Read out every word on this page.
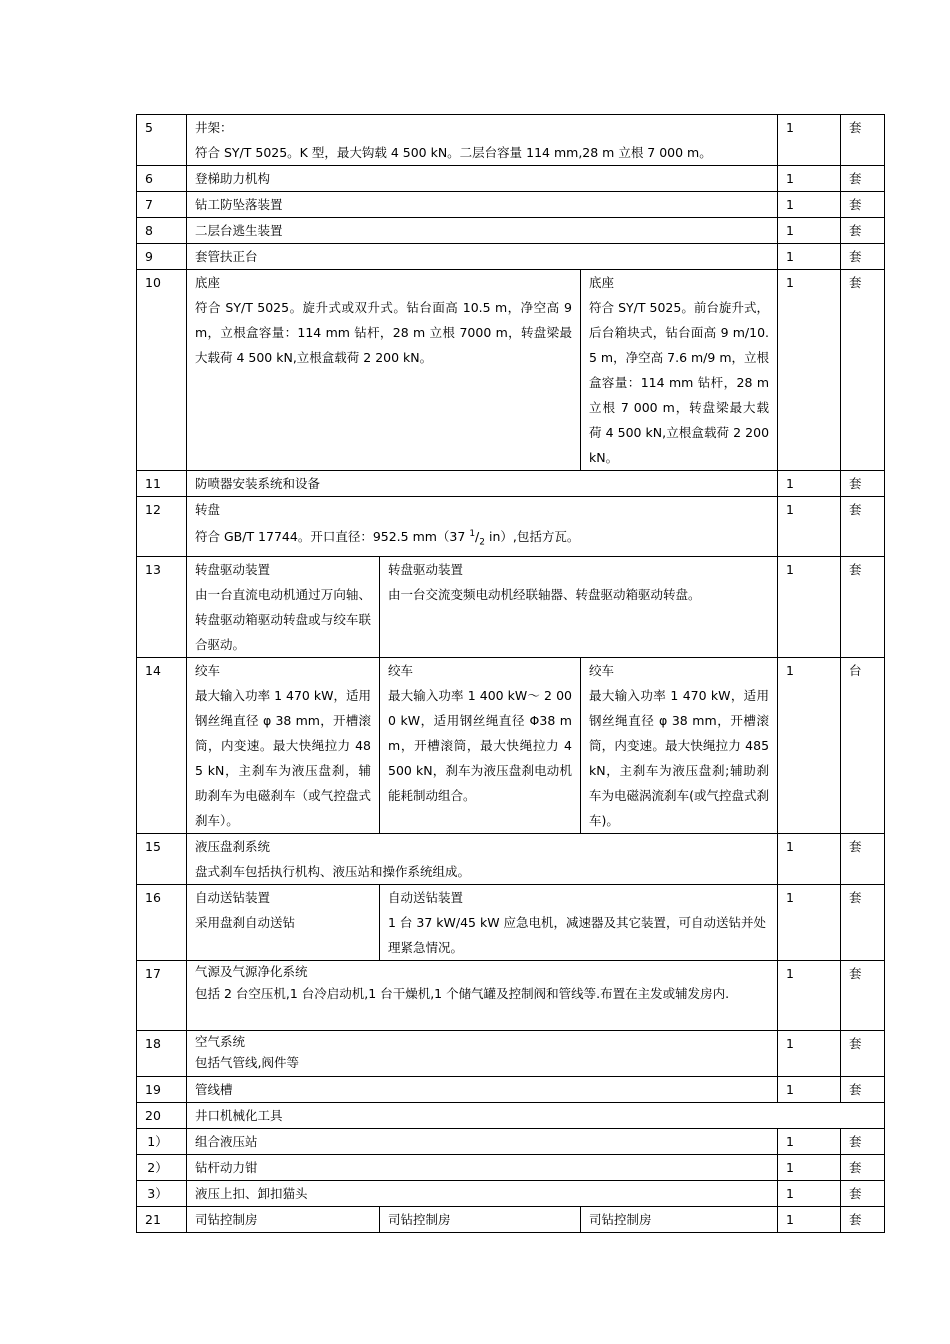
5	井架：
符合 SY/T 5025。K 型，最大钩载 4 500 kN。二层台容量 114 mm,28 m 立根 7 000 m。			1	套
6	登梯助力机构			1	套
7	钻工防坠落装置			1	套
8	二层台逃生装置			1	套
9	套管扶正台			1	套
10	底座
符合 SY/T 5025。旋升式或双升式。钻台面高 10.5 m，净空高 9 m，立根盒容量：114 mm 钻杆，28 m 立根 7000 m，转盘梁最大载荷 4 500 kN,立根盒载荷 2 200 kN。		底座
符合 SY/T 5025。前台旋升式，后台箱块式，钻台面高 9 m/10.5 m，净空高 7.6 m/9 m，立根盒容量：114 mm 钻杆，28 m 立根 7 000 m，转盘梁最大载荷 4 500 kN,立根盒载荷 2 200 kN。	1	套
11	防喷器安装系统和设备			1	套
12	转盘
符合 GB/T 17744。开口直径：952.5 mm（37 $^1/_2$ in）,包括方瓦。			1	套
13	转盘驱动装置
由一台直流电动机通过万向轴、转盘驱动箱驱动转盘或与绞车联合驱动。	转盘驱动装置
由一台交流变频电动机经联轴器、转盘驱动箱驱动转盘。		1	套
14	绞车
最大输入功率 1 470 kW，适用钢丝绳直径 φ 38 mm，开槽滚筒，内变速。最大快绳拉力 485 kN，主刹车为液压盘刹，辅助刹车为电磁刹车（或气控盘式刹车）。	绞车
最大输入功率 1 400 kW～ 2 000 kW，适用钢丝绳直径 Φ38 mm，开槽滚筒，最大快绳拉力 4 500 kN，刹车为液压盘刹电动机能耗制动组合。	绞车
最大输入功率 1 470 kW，适用钢丝绳直径 φ 38 mm，开槽滚筒，内变速。最大快绳拉力 485 kN，主刹车为液压盘刹;辅助刹车为电磁涡流刹车(或气控盘式刹车)。	1	台
15	液压盘刹系统
盘式刹车包括执行机构、液压站和操作系统组成。			1	套
16	自动送钻装置
采用盘刹自动送钻	自动送钻装置
1 台 37 kW/45 kW 应急电机，减速器及其它装置，可自动送钻并处理紧急情况。		1	套
17	气源及气源净化系统
包括 2 台空压机,1 台冷启动机,1 台干燥机,1 个储气罐及控制阀和管线等.布置在主发或辅发房内.			1	套
18	空气系统
包括气管线,阀件等			1	套
19	管线槽			1	套
20	井口机械化工具				
1）	组合液压站			1	套
2）	钻杆动力钳			1	套
3）	液压上扣、卸扣猫头			1	套
21	司钻控制房	司钻控制房	司钻控制房	1	套
